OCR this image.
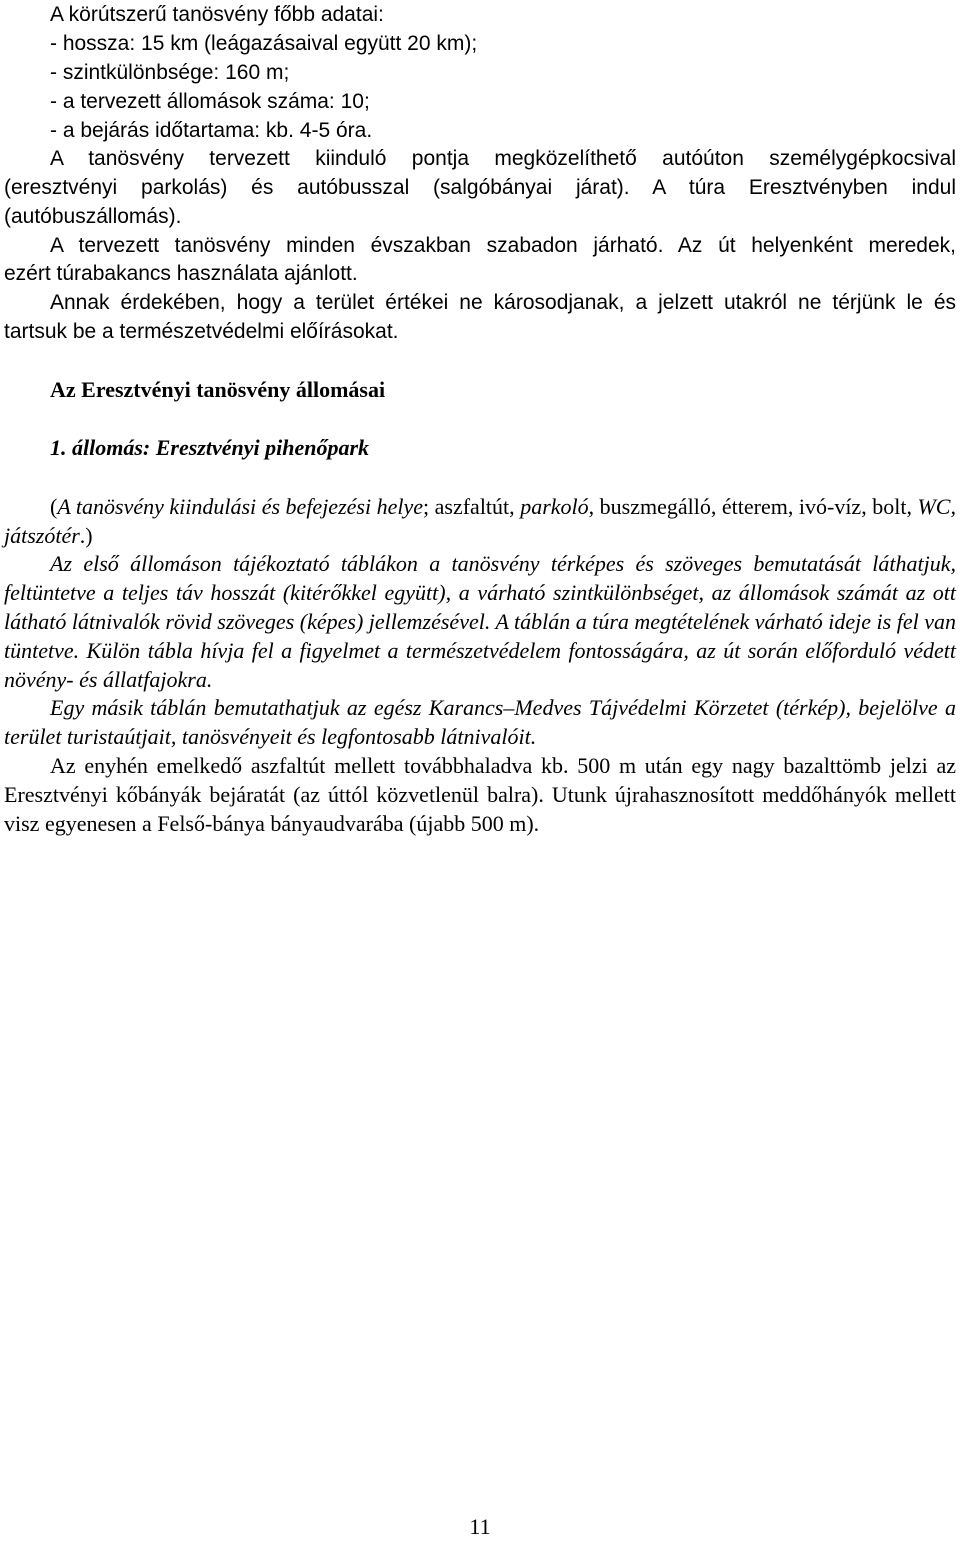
A körútszerű tanösvény főbb adatai:
- hossza: 15 km (leágazásaival együtt 20 km);
- szintkülönbsége: 160 m;
- a tervezett állomások száma: 10;
- a bejárás időtartama: kb. 4-5 óra.
A tanösvény tervezett kiinduló pontja megközelíthető autóúton személygépkocsival
(eresztvényi parkolás) és autóbusszal (salgóbányai járat). A túra Eresztvényben indul
(autóbuszállomás).
A tervezett tanösvény minden évszakban szabadon járható. Az út helyenként meredek,
ezért túrabakancs használata ajánlott.
Annak érdekében, hogy a terület értékei ne károsodjanak, a jelzett utakról ne térjünk le és
tartsuk be a természetvédelmi előírásokat.
Az Eresztvényi tanösvény állomásai
1. állomás: Eresztvényi pihenőpark
(A tanösvény kiindulási és befejezési helye; aszfaltút, parkoló, buszmegálló, étterem, ivó-víz, bolt, WC, játszótér.)
Az első állomáson tájékoztató táblákon a tanösvény térképes és szöveges bemutatását láthatjuk, feltüntetve a teljes táv hosszát (kitérőkkel együtt), a várható szintkülönbséget, az állomások számát az ott látható látnivalók rövid szöveges (képes) jellemzésével. A táblán a túra megtételének várható ideje is fel van tüntetve. Külön tábla hívja fel a figyelmet a természetvédelem fontosságára, az út során előforduló védett növény- és állatfajokra.
Egy másik táblán bemutathatjuk az egész Karancs–Medves Tájvédelmi Körzetet (térkép), bejelölve a terület turistaútjait, tanösvényeit és legfontosabb látnivalóit.
Az enyhén emelkedő aszfaltút mellett továbbhaladva kb. 500 m után egy nagy bazalttömb jelzi az Eresztvényi kőbányák bejáratát (az úttól közvetlenül balra). Utunk újrahasznosított meddőhányók mellett visz egyenesen a Felső-bánya bányaudvarába (újabb 500 m).
11
